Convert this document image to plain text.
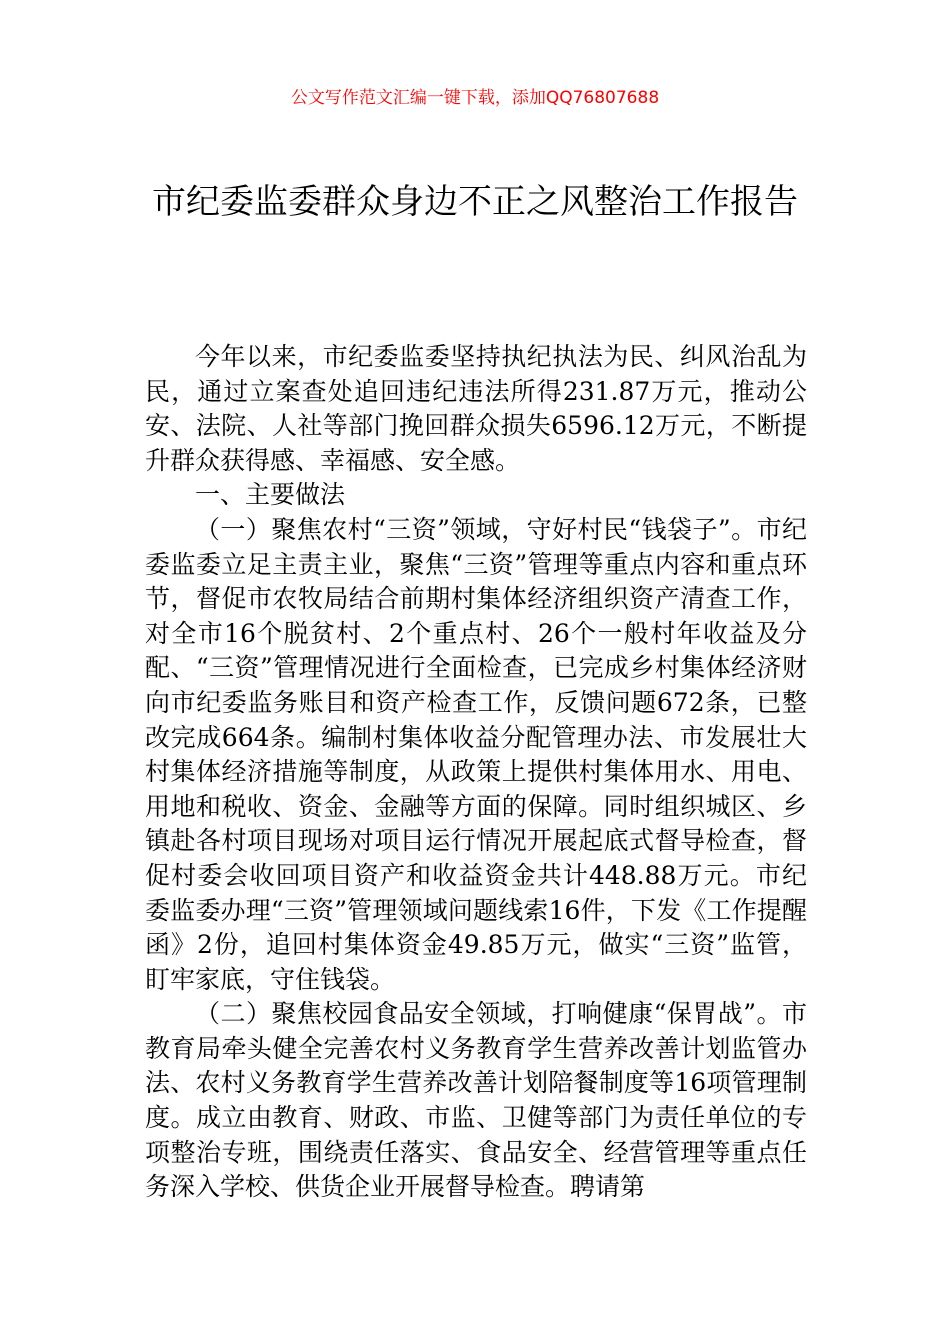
公文写作范文汇编一键下载，添加QQ76807688
市纪委监委群众身边不正之风整治工作报告

今年以来，市纪委监委坚持执纪执法为民、纠风治乱为民，通过立案查处追回违纪违法所得231.87万元，推动公安、法院、人社等部门挽回群众损失6596.12万元，不断提升群众获得感、幸福感、安全感。

一、主要做法

（一）聚焦农村“三资”领域，守好村民“钱袋子”。市纪委监委立足主责主业，聚焦“三资”管理等重点内容和重点环节，督促市农牧局结合前期村集体经济组织资产清查工作，对全市16个脱贫村、2个重点村、26个一般村年收益及分配、“三资”管理情况进行全面检查，已完成乡村集体经济财向市纪委监务账目和资产检查工作，反馈问题672条，已整改完成664条。编制村集体收益分配管理办法、市发展壮大村集体经济措施等制度，从政策上提供村集体用水、用电、用地和税收、资金、金融等方面的保障。同时组织城区、乡镇赴各村项目现场对项目运行情况开展起底式督导检查，督促村委会收回项目资产和收益资金共计448.88万元。市纪委监委办理“三资”管理领域问题线索16件，下发《工作提醒函》2份，追回村集体资金49.85万元，做实“三资”监管，盯牢家底，守住钱袋。

（二）聚焦校园食品安全领域，打响健康“保胃战”。市教育局牵头健全完善农村义务教育学生营养改善计划监管办法、农村义务教育学生营养改善计划陪餐制度等16项管理制度。成立由教育、财政、市监、卫健等部门为责任单位的专项整治专班，围绕责任落实、食品安全、经营管理等重点任务深入学校、供货企业开展督导检查。聘请第
